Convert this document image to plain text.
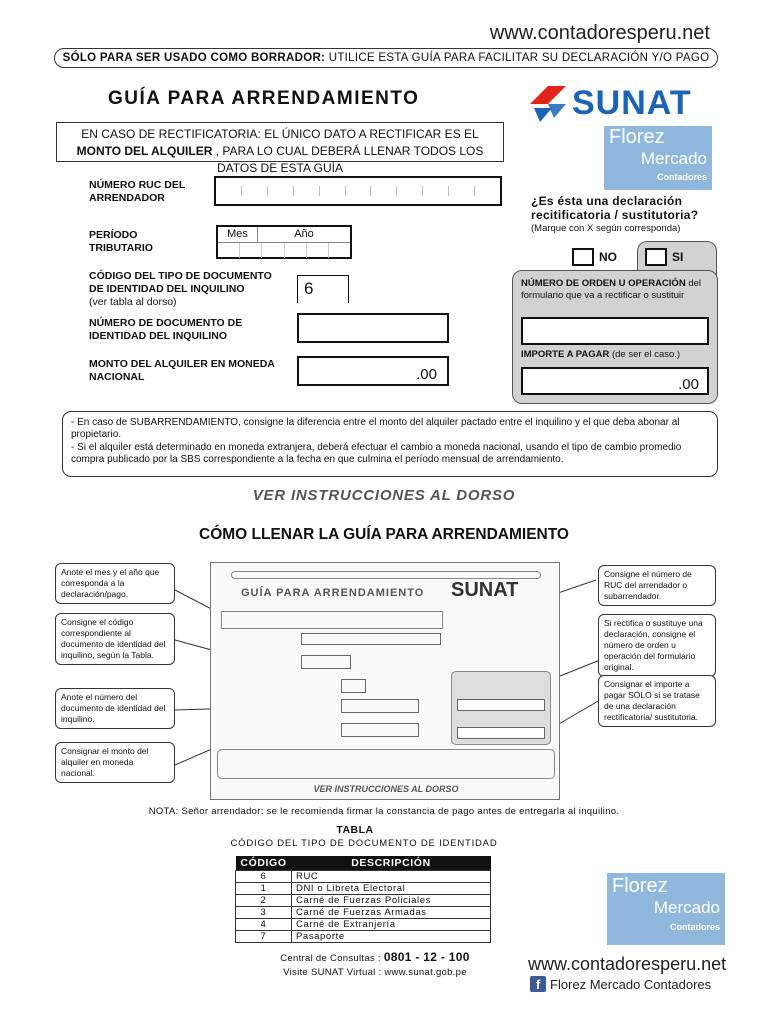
www.contadoresperu.net
SÓLO PARA SER USADO COMO BORRADOR: UTILICE ESTA GUÍA PARA FACILITAR SU DECLARACIÓN Y/O PAGO
GUÍA PARA ARRENDAMIENTO
EN CASO DE RECTIFICATORIA: EL ÚNICO DATO A RECTIFICAR ES EL MONTO DEL ALQUILER , PARA LO CUAL DEBERÁ LLENAR TODOS LOS DATOS DE ESTA GUÍA
SUNAT
Florez
Mercado
Contadores
NÚMERO RUC DEL ARRENDADOR
PERÍODO TRIBUTARIO
Mes	Año
CÓDIGO DEL TIPO DE DOCUMENTO DE IDENTIDAD DEL INQUILINO
(ver tabla al dorso)
6
NÚMERO DE DOCUMENTO DE IDENTIDAD DEL INQUILINO
MONTO DEL ALQUILER EN MONEDA NACIONAL	.00
¿Es ésta una declaración recitificatoria / sustitutoria?
(Marque con X según corresponda)
NO	SI
NÚMERO DE ORDEN U OPERACIÓN del formulario que va a rectificar o sustituir
IMPORTE A PAGAR (de ser el caso.)
.00

- En caso de SUBARRENDAMIENTO, consigne la diferencia entre el monto del alquiler pactado entre el inquilino y el que deba abonar al propietario.

- Si el alquiler está determinado en moneda extranjera, deberá efectuar el cambio a moneda nacional, usando el tipo de cambio promedio compra publicado por la SBS correspondiente a la fecha en que culmina el período mensual de arrendamiento.

VER INSTRUCCIONES AL DORSO
CÓMO LLENAR LA GUÍA PARA ARRENDAMIENTO
GUÍA PARA ARRENDAMIENTO SUNAT
VER INSTRUCCIONES AL DORSO
Anote el mes y el año que corresponda a la declaración/pago.
Consigne el código correspondiente al documento de identidad del inquilino, según la Tabla.
Anote el número del documento de identidad del inquilino.
Consignar el monto del alquiler en moneda nacional.
Consigne el número de RUC del arrendador o subarrendador.
Si rectifica o sustituye una declaración, consigne el número de orden u operación del formulario original.
Consignar el importe a pagar SÓLO si se tratase de una declaración rectificatoria/ sustitutoria.
NOTA: Señor arrendador: se le recomienda firmar la constancia de pago antes de entregarla al inquilino.
TABLA
CÓDIGO DEL TIPO DE DOCUMENTO DE IDENTIDAD
CÓDIGO	DESCRIPCIÓN
6	RUC
1	DNI o Libreta Electoral
2	Carné de Fuerzas Policiales
3	Carné de Fuerzas Armadas
4	Carné de Extranjería
7	Pasaporte
Florez
Mercado
Contadores
Central de Consultas : 0801 - 12 - 100
Visite SUNAT Virtual : www.sunat.gob.pe	www.contadoresperu.net
f Florez Mercado Contadores
